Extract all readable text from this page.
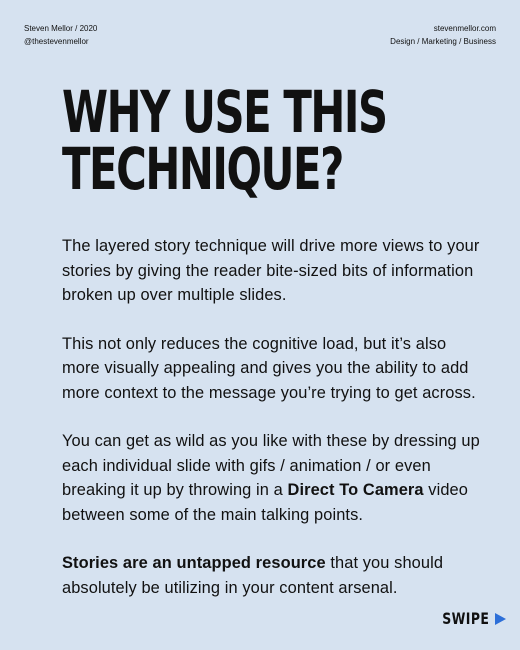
Steven Mellor / 2020
@thestevenmellor
stevenmellor.com
Design / Marketing / Business
WHY USE THIS
TECHNIQUE?

The layered story technique will drive more views to your stories by giving the reader bite-sized bits of information broken up over multiple slides.

This not only reduces the cognitive load, but it’s also more visually appealing and gives you the ability to add more context to the message you’re trying to get across.

You can get as wild as you like with these by dressing up each individual slide with gifs / animation / or even breaking it up by throwing in a Direct To Camera video between some of the main talking points.

Stories are an untapped resource that you should absolutely be utilizing in your content arsenal.

SWIPE
